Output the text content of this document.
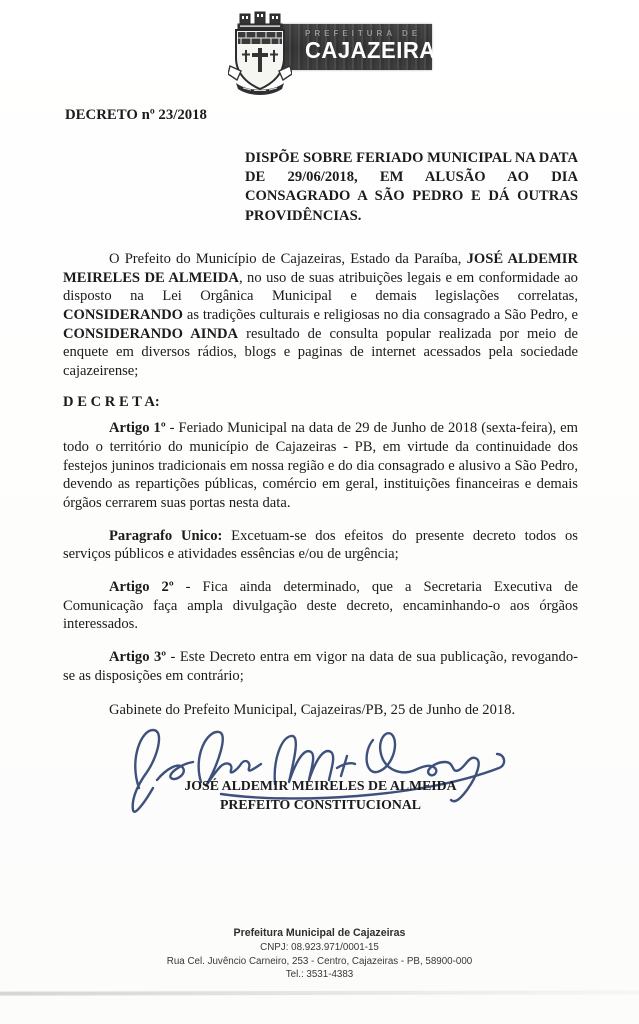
PREFEITURA DE
CAJAZEIRAS
DECRETO nº 23/2018

DISPÕE SOBRE FERIADO MUNICIPAL NA DATA DE 29/06/2018, EM ALUSÃO AO DIA CONSAGRADO A SÃO PEDRO E DÁ OUTRAS PROVIDÊNCIAS.

O Prefeito do Município de Cajazeiras, Estado da Paraíba, JOSÉ ALDEMIR MEIRELES DE ALMEIDA, no uso de suas atribuições legais e em conformidade ao disposto na Lei Orgânica Municipal e demais legislações correlatas, CONSIDERANDO as tradições culturais e religiosas no dia consagrado a São Pedro, e CONSIDERANDO AINDA resultado de consulta popular realizada por meio de enquete em diversos rádios, blogs e paginas de internet acessados pela sociedade cajazeirense;

D E C R E T A:

Artigo 1º - Feriado Municipal na data de 29 de Junho de 2018 (sexta-feira), em todo o território do município de Cajazeiras - PB, em virtude da continuidade dos festejos juninos tradicionais em nossa região e do dia consagrado e alusivo a São Pedro, devendo as repartições públicas, comércio em geral, instituições financeiras e demais órgãos cerrarem suas portas nesta data.

Paragrafo Unico: Excetuam-se dos efeitos do presente decreto todos os serviços públicos e atividades essências e/ou de urgência;

Artigo 2º - Fica ainda determinado, que a Secretaria Executiva de Comunicação faça ampla divulgação deste decreto, encaminhando-o aos órgãos interessados.

Artigo 3º - Este Decreto entra em vigor na data de sua publicação, revogando-se as disposições em contrário;

Gabinete do Prefeito Municipal, Cajazeiras/PB, 25 de Junho de 2018.

JOSÉ ALDEMIR MEIRELES DE ALMEIDA
PREFEITO CONSTITUCIONAL
Prefeitura Municipal de Cajazeiras
CNPJ: 08.923.971/0001-15
Rua Cel. Juvêncio Carneiro, 253 - Centro, Cajazeiras - PB, 58900-000
Tel.: 3531-4383
